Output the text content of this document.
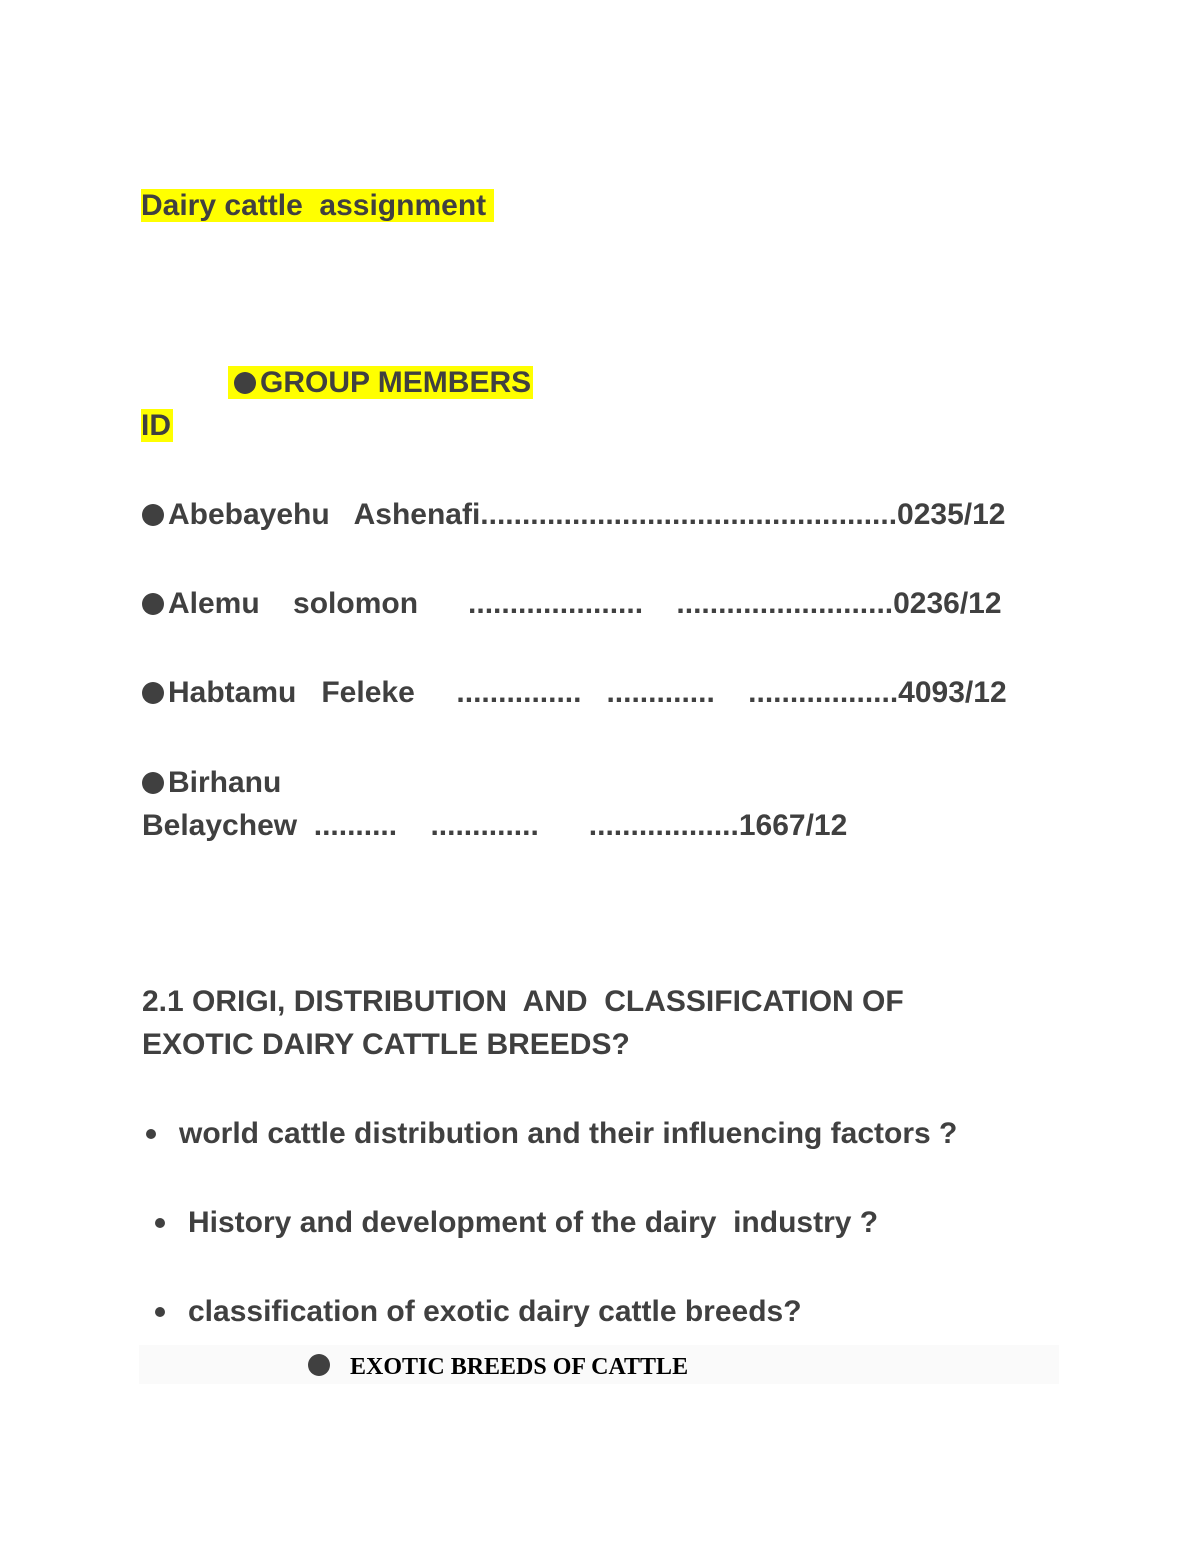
Dairy cattle  assignment
GROUP MEMBERS
ID
Abebayehu   Ashenafi..................................................0235/12
Alemu    solomon      .....................    ..........................0236/12
Habtamu   Feleke     ...............   .............    ..................4093/12
Birhanu
Belaychew  ..........    .............      ..................1667/12
2.1 ORIGI, DISTRIBUTION  AND  CLASSIFICATION OF
EXOTIC DAIRY CATTLE BREEDS?
world cattle distribution and their influencing factors ?
History and development of the dairy  industry ?
classification of exotic dairy cattle breeds?
EXOTIC BREEDS OF CATTLE
